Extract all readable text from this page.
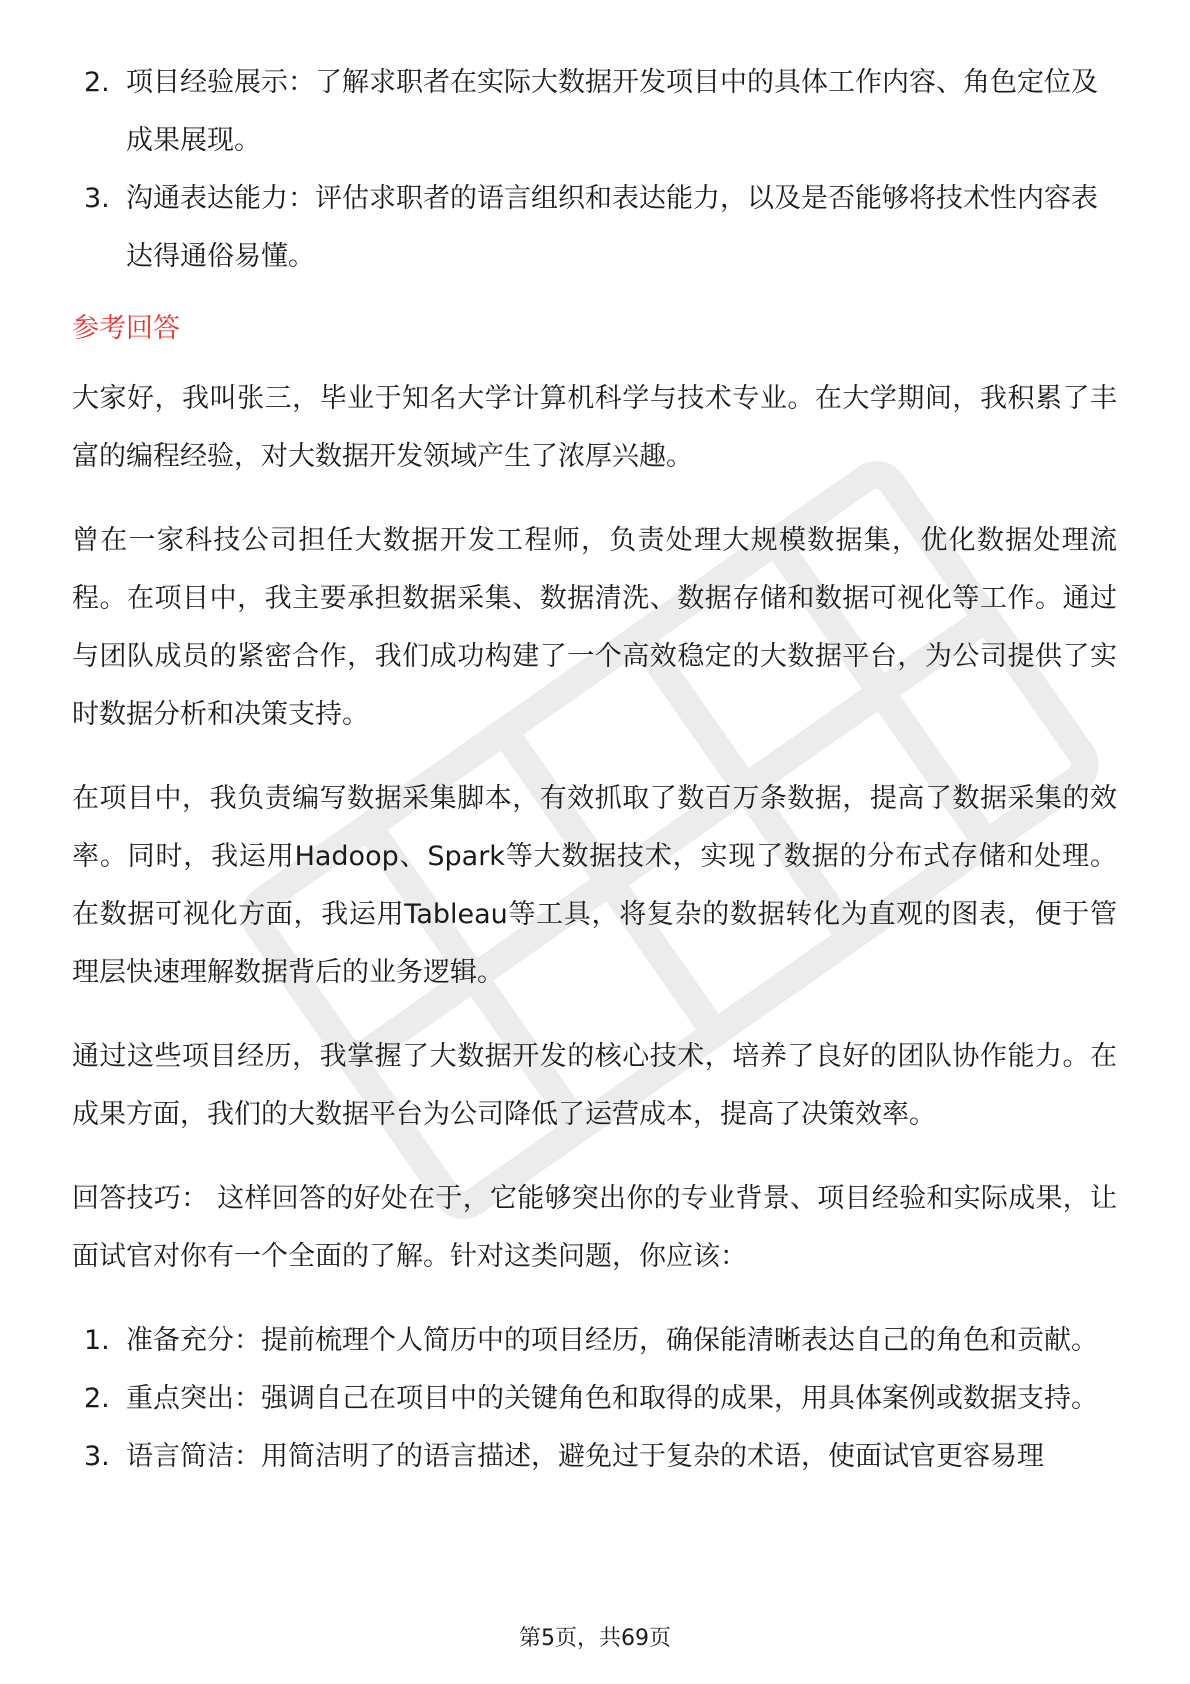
2. 项目经验展示：了解求职者在实际大数据开发项目中的具体工作内容、角色定位及成果展现。
3. 沟通表达能力：评估求职者的语言组织和表达能力，以及是否能够将技术性内容表达得通俗易懂。
参考回答

大家好，我叫张三，毕业于知名大学计算机科学与技术专业。在大学期间，我积累了丰富的编程经验，对大数据开发领域产生了浓厚兴趣。

曾在一家科技公司担任大数据开发工程师，负责处理大规模数据集，优化数据处理流程。在项目中，我主要承担数据采集、数据清洗、数据存储和数据可视化等工作。通过与团队成员的紧密合作，我们成功构建了一个高效稳定的大数据平台，为公司提供了实时数据分析和决策支持。

在项目中，我负责编写数据采集脚本，有效抓取了数百万条数据，提高了数据采集的效率。同时，我运用Hadoop、Spark等大数据技术，实现了数据的分布式存储和处理。在数据可视化方面，我运用Tableau等工具，将复杂的数据转化为直观的图表，便于管理层快速理解数据背后的业务逻辑。

通过这些项目经历，我掌握了大数据开发的核心技术，培养了良好的团队协作能力。在成果方面，我们的大数据平台为公司降低了运营成本，提高了决策效率。

回答技巧： 这样回答的好处在于，它能够突出你的专业背景、项目经验和实际成果，让面试官对你有一个全面的了解。针对这类问题，你应该：

1. 准备充分：提前梳理个人简历中的项目经历，确保能清晰表达自己的角色和贡献。
2. 重点突出：强调自己在项目中的关键角色和取得的成果，用具体案例或数据支持。
3. 语言简洁：用简洁明了的语言描述，避免过于复杂的术语，使面试官更容易理
第5页，共69页
